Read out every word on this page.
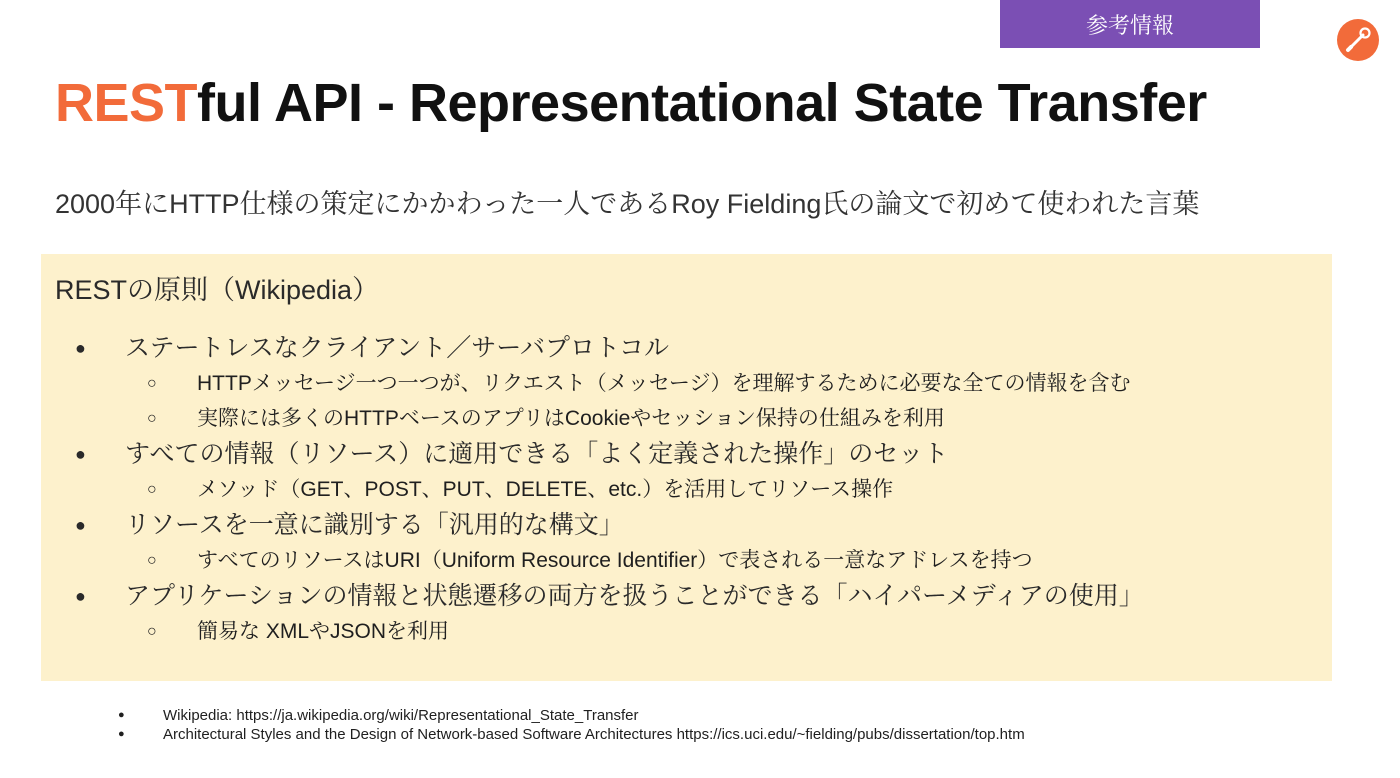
参考情報
RESTful API - Representational State Transfer

2000年にHTTP仕様の策定にかかわった一人であるRoy Fielding氏の論文で初めて使われた言葉

RESTの原則（Wikipedia）
● ステートレスなクライアント／サーバプロトコル
○ HTTPメッセージ一つ一つが、リクエスト（メッセージ）を理解するために必要な全ての情報を含む
○ 実際には多くのHTTPベースのアプリはCookieやセッション保持の仕組みを利用
● すべての情報（リソース）に適用できる「よく定義された操作」のセット
○ メソッド（GET、POST、PUT、DELETE、etc.）を活用してリソース操作
● リソースを一意に識別する「汎用的な構文」
○ すべてのリソースはURI（Uniform Resource Identifier）で表される一意なアドレスを持つ
● アプリケーションの情報と状態遷移の両方を扱うことができる「ハイパーメディアの使用」
○ 簡易な XMLやJSONを利用
●	Wikipedia: https://ja.wikipedia.org/wiki/Representational_State_Transfer
●	Architectural Styles and the Design of Network-based Software Architectures https://ics.uci.edu/~fielding/pubs/dissertation/top.htm
